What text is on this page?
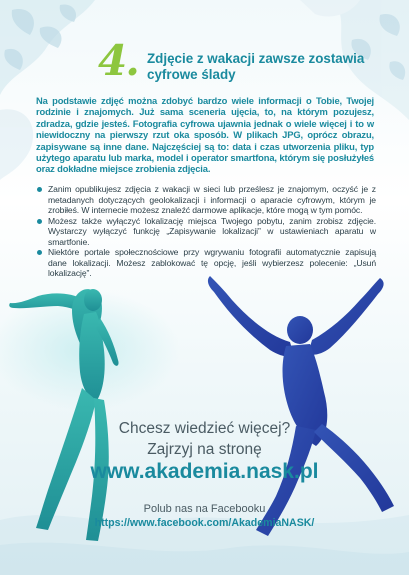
4. Zdjęcie z wakacji zawsze zostawia cyfrowe ślady
Na podstawie zdjęć można zdobyć bardzo wiele informacji o Tobie, Twojej rodzinie i znajomych. Już sama sceneria ujęcia, to, na którym pozujesz, zdradza, gdzie jesteś. Fotografia cyfrowa ujawnia jednak o wiele więcej i to w niewidoczny na pierwszy rzut oka sposób. W plikach JPG, oprócz obrazu, zapisywane są inne dane. Najczęściej są to: data i czas utworzenia pliku, typ użytego aparatu lub marka, model i operator smartfona, którym się posłużyłeś oraz dokładne miejsce zrobienia zdjęcia.
Zanim opublikujesz zdjęcia z wakacji w sieci lub prześlesz je znajomym, oczyść je z metadanych dotyczących geolokalizacji i informacji o aparacie cyfrowym, którym je zrobiłeś. W internecie możesz znaleźć darmowe aplikacje, które mogą w tym pomóc.
Możesz także wyłączyć lokalizację miejsca Twojego pobytu, zanim zrobisz zdjęcie. Wystarczy wyłączyć funkcję „Zapisywanie lokalizacji” w ustawieniach aparatu w smartfonie.
Niektóre portale społecznościowe przy wgrywaniu fotografii automatycznie zapisują dane lokalizacji. Możesz zablokować tę opcję, jeśli wybierzesz polecenie: „Usuń lokalizację”.
Chcesz wiedzieć więcej?
Zajrzyj na stronę
www.akademia.nask.pl
Polub nas na Facebooku
https://www.facebook.com/AkademiaNASK/
